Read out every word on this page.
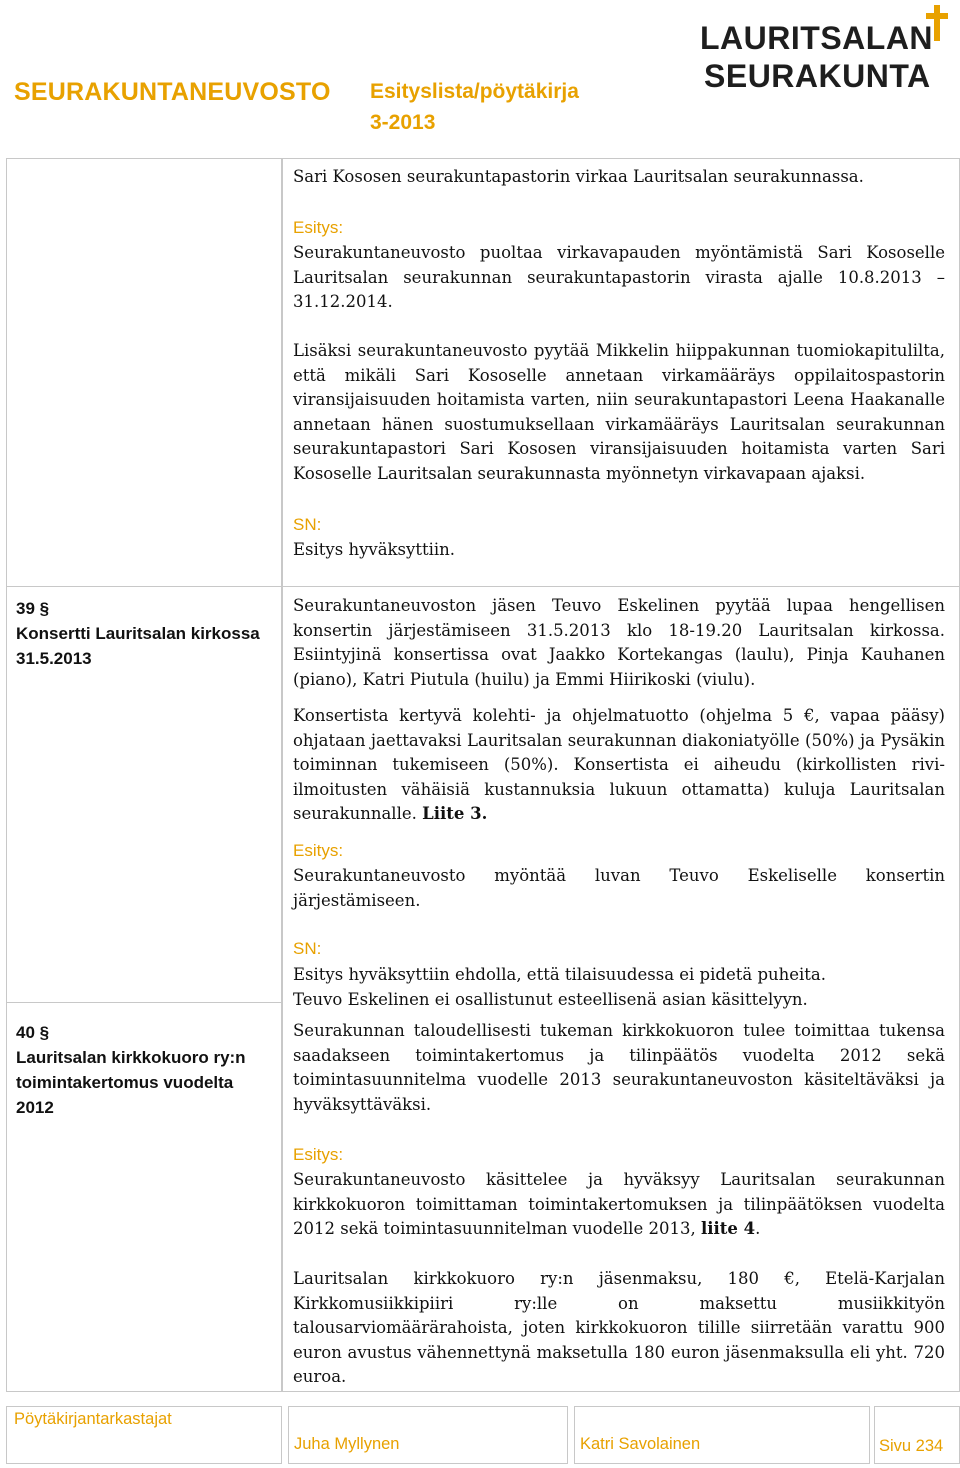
SEURAKUNTANEUVOSTO Esityslista/pöytäkirja
3-2013
LAURITSALAN
SEURAKUNTA

Sari Kososen seurakuntapastorin virkaa Lauritsalan seurakunnassa.

Esitys:

Seurakuntaneuvosto puoltaa virkavapauden myöntämistä Sari Kososelle Lauritsalan seurakunnan seurakuntapastorin virasta ajalle 10.8.2013 – 31.12.2014.

Lisäksi seurakuntaneuvosto pyytää Mikkelin hiippakunnan tuomiokapitulilta, että mikäli Sari Kososelle annetaan virkamääräys oppilaitospastorin viransijaisuuden hoitamista varten, niin seurakuntapastori Leena Haakanalle annetaan hänen suostumuksellaan virkamääräys Lauritsalan seurakunnan seurakuntapastori Sari Kososen viransijaisuuden hoitamista varten Sari Kososelle Lauritsalan seurakunnasta myönnetyn virkavapaan ajaksi.

SN:

Esitys hyväksyttiin.

39 §
Konsertti Lauritsalan kirkossa 31.5.2013

Seurakuntaneuvoston jäsen Teuvo Eskelinen pyytää lupaa hengellisen konsertin järjestämiseen 31.5.2013 klo 18-19.20 Lauritsalan kirkossa. Esiintyjinä konsertissa ovat Jaakko Kortekangas (laulu), Pinja Kauhanen (piano), Katri Piutula (huilu) ja Emmi Hiirikoski (viulu).

Konsertista kertyvä kolehti- ja ohjelmatuotto (ohjelma 5 €, vapaa pääsy) ohjataan jaettavaksi Lauritsalan seurakunnan diakoniatyölle (50%) ja Pysäkin toiminnan tukemiseen (50%). Konsertista ei aiheudu (kirkollisten rivi-ilmoitusten vähäisiä kustannuksia lukuun ottamatta) kuluja Lauritsalan seurakunnalle. Liite 3.

Esitys:

Seurakuntaneuvosto myöntää luvan Teuvo Eskeliselle konsertin järjestämiseen.

SN:

Esitys hyväksyttiin ehdolla, että tilaisuudessa ei pidetä puheita.

Teuvo Eskelinen ei osallistunut esteellisenä asian käsittelyyn.

40 §
Lauritsalan kirkkokuoro ry:n toimintakertomus vuodelta 2012

Seurakunnan taloudellisesti tukeman kirkkokuoron tulee toimittaa tukensa saadakseen toimintakertomus ja tilinpäätös vuodelta 2012 sekä toimintasuunnitelma vuodelle 2013 seurakuntaneuvoston käsiteltäväksi ja hyväksyttäväksi.

Esitys:

Seurakuntaneuvosto käsittelee ja hyväksyy Lauritsalan seurakunnan kirkkokuoron toimittaman toimintakertomuksen ja tilinpäätöksen vuodelta 2012 sekä toimintasuunnitelman vuodelle 2013, liite 4.

Lauritsalan kirkkokuoro ry:n jäsenmaksu, 180 €, Etelä-Karjalan Kirkkomusiikkipiiri ry:lle on maksettu musiikkityön talousarviomäärärahoista, joten kirkkokuoron tilille siirretään varattu 900 euron avustus vähennettynä maksetulla 180 euron jäsenmaksulla eli yht. 720 euroa.

Pöytäkirjantarkastajat
Juha Myllynen	Katri Savolainen	Sivu 234
